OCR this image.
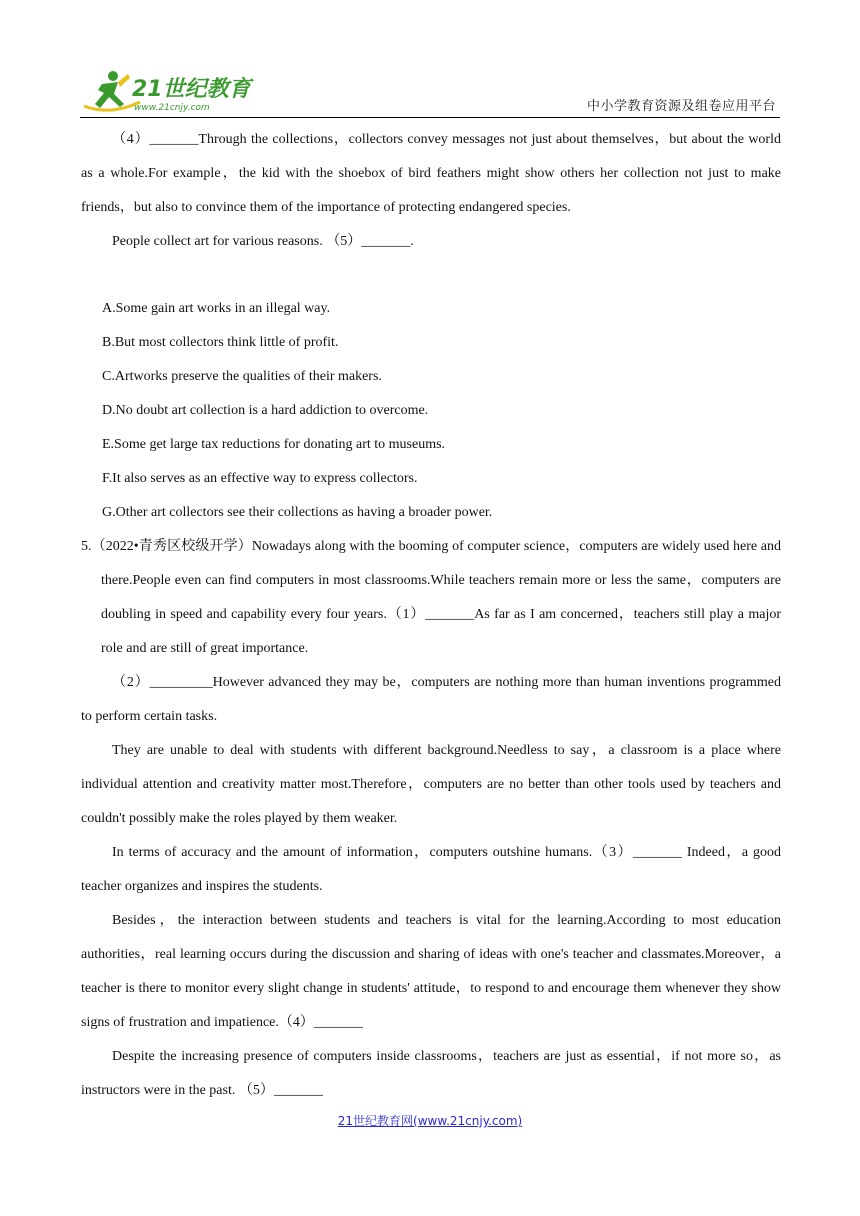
21世纪教育
www.21cnjy.com	中小学教育资源及组卷应用平台

（4）_______Through the collections，collectors convey messages not just about themselves，but about the world as a whole.For example，the kid with the shoebox of bird feathers might show others her collection not just to make friends，but also to convince them of the importance of protecting endangered species.

People collect art for various reasons. （5）_______.

A.Some gain art works in an illegal way.

B.But most collectors think little of profit.

C.Artworks preserve the qualities of their makers.

D.No doubt art collection is a hard addiction to overcome.

E.Some get large tax reductions for donating art to museums.

F.It also serves as an effective way to express collectors.

G.Other art collectors see their collections as having a broader power.

5.（2022•青秀区校级开学）Nowadays along with the booming of computer science，computers are widely used here and there.People even can find computers in most classrooms.While teachers remain more or less the same，computers are doubling in speed and capability every four years.（1）_______As far as I am concerned，teachers still play a major role and are still of great importance.

（2）_________However advanced they may be，computers are nothing more than human inventions programmed to perform certain tasks.

They are unable to deal with students with different background.Needless to say，a classroom is a place where individual attention and creativity matter most.Therefore，computers are no better than other tools used by teachers and couldn't possibly make the roles played by them weaker.

In terms of accuracy and the amount of information，computers outshine humans.（3）_______ Indeed，a good teacher organizes and inspires the students.

Besides，the interaction between students and teachers is vital for the learning.According to most education authorities，real learning occurs during the discussion and sharing of ideas with one's teacher and classmates.Moreover，a teacher is there to monitor every slight change in students' attitude，to respond to and encourage them whenever they show signs of frustration and impatience.（4）_______

Despite the increasing presence of computers inside classrooms，teachers are just as essential，if not more so，as instructors were in the past. （5）_______

21世纪教育网(www.21cnjy.com)
